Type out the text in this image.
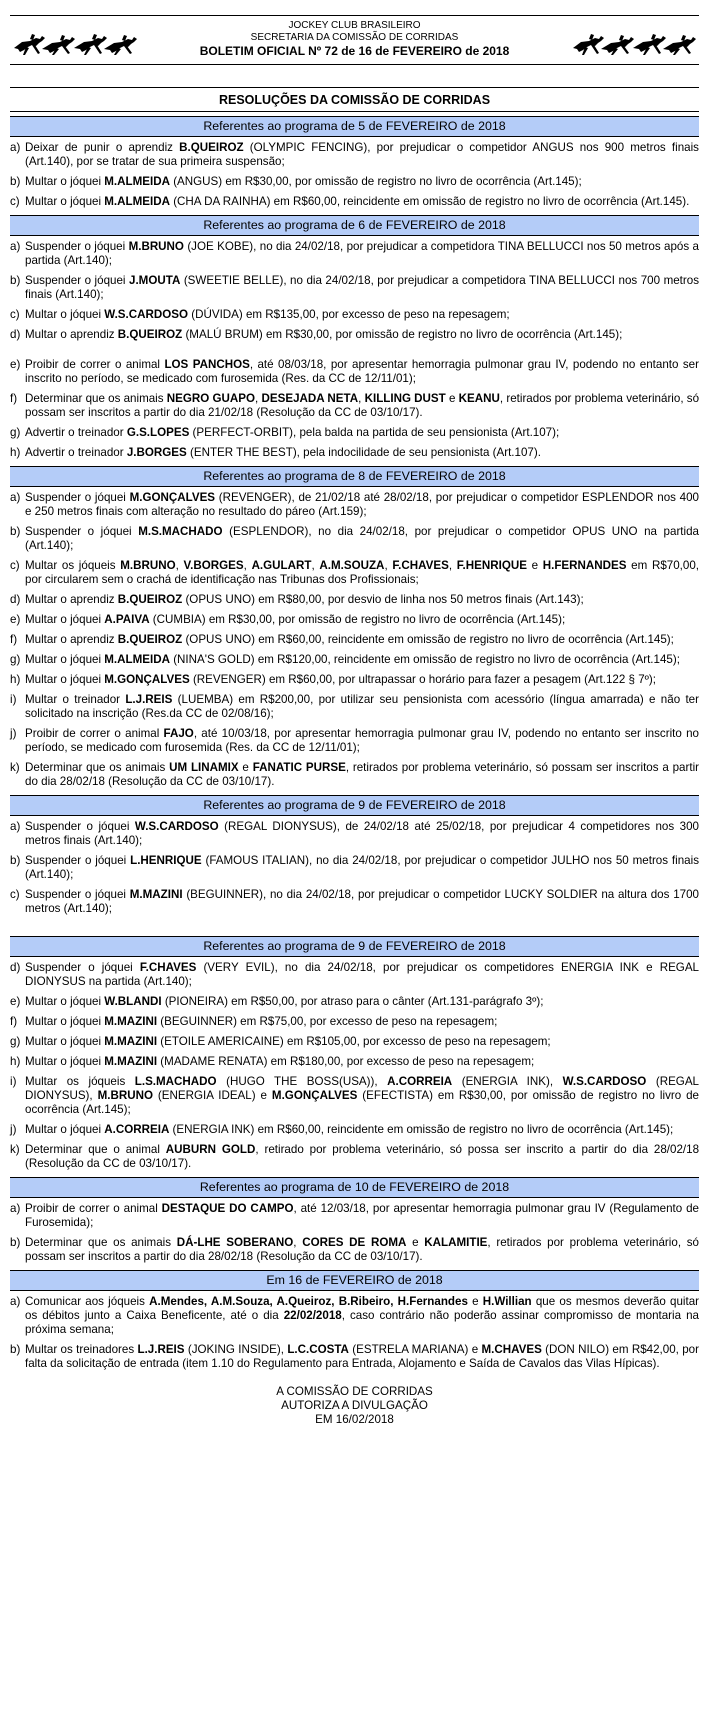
JOCKEY CLUB BRASILEIRO
SECRETARIA DA COMISSÃO DE CORRIDAS
BOLETIM OFICIAL Nº 72 de 16 de FEVEREIRO de 2018
RESOLUÇÕES DA COMISSÃO DE CORRIDAS
Referentes ao programa de 5 de FEVEREIRO de 2018
a) Deixar de punir o aprendiz B.QUEIROZ (OLYMPIC FENCING), por prejudicar o competidor ANGUS nos 900 metros finais (Art.140), por se tratar de sua primeira suspensão;
b) Multar o jóquei M.ALMEIDA (ANGUS) em R$30,00, por omissão de registro no livro de ocorrência (Art.145);
c) Multar o jóquei M.ALMEIDA (CHA DA RAINHA) em R$60,00, reincidente em omissão de registro no livro de ocorrência (Art.145).
Referentes ao programa de 6 de FEVEREIRO de 2018
a) Suspender o jóquei M.BRUNO (JOE KOBE), no dia 24/02/18, por prejudicar a competidora TINA BELLUCCI nos 50 metros após a partida (Art.140);
b) Suspender o jóquei J.MOUTA (SWEETIE BELLE), no dia 24/02/18, por prejudicar a competidora TINA BELLUCCI nos 700 metros finais (Art.140);
c) Multar o jóquei W.S.CARDOSO (DÚVIDA) em R$135,00, por excesso de peso na repesagem;
d) Multar o aprendiz B.QUEIROZ (MALÚ BRUM) em R$30,00, por omissão de registro no livro de ocorrência (Art.145);
e) Proibir de correr o animal LOS PANCHOS, até 08/03/18, por apresentar hemorragia pulmonar grau IV, podendo no entanto ser inscrito no período, se medicado com furosemida (Res. da CC de 12/11/01);
f) Determinar que os animais NEGRO GUAPO, DESEJADA NETA, KILLING DUST e KEANU, retirados por problema veterinário, só possam ser inscritos a partir do dia 21/02/18 (Resolução da CC de 03/10/17).
g) Advertir o treinador G.S.LOPES (PERFECT-ORBIT), pela balda na partida de seu pensionista (Art.107);
h) Advertir o treinador J.BORGES (ENTER THE BEST), pela indocilidade de seu pensionista (Art.107).
Referentes ao programa de 8 de FEVEREIRO de 2018
a) Suspender o jóquei M.GONÇALVES (REVENGER), de 21/02/18 até 28/02/18, por prejudicar o competidor ESPLENDOR nos 400 e 250 metros finais com alteração no resultado do páreo (Art.159);
b) Suspender o jóquei M.S.MACHADO (ESPLENDOR), no dia 24/02/18, por prejudicar o competidor OPUS UNO na partida (Art.140);
c) Multar os jóqueis M.BRUNO, V.BORGES, A.GULART, A.M.SOUZA, F.CHAVES, F.HENRIQUE e H.FERNANDES em R$70,00, por circularem sem o crachá de identificação nas Tribunas dos Profissionais;
d) Multar o aprendiz B.QUEIROZ (OPUS UNO) em R$80,00, por desvio de linha nos 50 metros finais (Art.143);
e) Multar o jóquei A.PAIVA (CUMBIA) em R$30,00, por omissão de registro no livro de ocorrência (Art.145);
f) Multar o aprendiz B.QUEIROZ (OPUS UNO) em R$60,00, reincidente em omissão de registro no livro de ocorrência (Art.145);
g) Multar o jóquei M.ALMEIDA (NINA'S GOLD) em R$120,00, reincidente em omissão de registro no livro de ocorrência (Art.145);
h) Multar o jóquei M.GONÇALVES (REVENGER) em R$60,00, por ultrapassar o horário para fazer a pesagem (Art.122 § 7º);
i) Multar o treinador L.J.REIS (LUEMBA) em R$200,00, por utilizar seu pensionista com acessório (língua amarrada) e não ter solicitado na inscrição (Res.da CC de 02/08/16);
j) Proibir de correr o animal FAJO, até 10/03/18, por apresentar hemorragia pulmonar grau IV, podendo no entanto ser inscrito no período, se medicado com furosemida (Res. da CC de 12/11/01);
k) Determinar que os animais UM LINAMIX e FANATIC PURSE, retirados por problema veterinário, só possam ser inscritos a partir do dia 28/02/18 (Resolução da CC de 03/10/17).
Referentes ao programa de 9 de FEVEREIRO de 2018
a) Suspender o jóquei W.S.CARDOSO (REGAL DIONYSUS), de 24/02/18 até 25/02/18, por prejudicar 4 competidores nos 300 metros finais (Art.140);
b) Suspender o jóquei L.HENRIQUE (FAMOUS ITALIAN), no dia 24/02/18, por prejudicar o competidor JULHO nos 50 metros finais (Art.140);
c) Suspender o jóquei M.MAZINI (BEGUINNER), no dia 24/02/18, por prejudicar o competidor LUCKY SOLDIER na altura dos 1700 metros (Art.140);
Referentes ao programa de 9 de FEVEREIRO de 2018
d) Suspender o jóquei F.CHAVES (VERY EVIL), no dia 24/02/18, por prejudicar os competidores ENERGIA INK e REGAL DIONYSUS na partida (Art.140);
e) Multar o jóquei W.BLANDI (PIONEIRA) em R$50,00, por atraso para o cânter (Art.131-parágrafo 3º);
f) Multar o jóquei M.MAZINI (BEGUINNER) em R$75,00, por excesso de peso na repesagem;
g) Multar o jóquei M.MAZINI (ETOILE AMERICAINE) em R$105,00, por excesso de peso na repesagem;
h) Multar o jóquei M.MAZINI (MADAME RENATA) em R$180,00, por excesso de peso na repesagem;
i) Multar os jóqueis L.S.MACHADO (HUGO THE BOSS(USA)), A.CORREIA (ENERGIA INK), W.S.CARDOSO (REGAL DIONYSUS), M.BRUNO (ENERGIA IDEAL) e M.GONÇALVES (EFECTISTA) em R$30,00, por omissão de registro no livro de ocorrência (Art.145);
j) Multar o jóquei A.CORREIA (ENERGIA INK) em R$60,00, reincidente em omissão de registro no livro de ocorrência (Art.145);
k) Determinar que o animal AUBURN GOLD, retirado por problema veterinário, só possa ser inscrito a partir do dia 28/02/18 (Resolução da CC de 03/10/17).
Referentes ao programa de 10 de FEVEREIRO de 2018
a) Proibir de correr o animal DESTAQUE DO CAMPO, até 12/03/18, por apresentar hemorragia pulmonar grau IV (Regulamento de Furosemida);
b) Determinar que os animais DÁ-LHE SOBERANO, CORES DE ROMA e KALAMITIE, retirados por problema veterinário, só possam ser inscritos a partir do dia 28/02/18 (Resolução da CC de 03/10/17).
Em 16 de FEVEREIRO de 2018
a) Comunicar aos jóqueis A.Mendes, A.M.Souza, A.Queiroz, B.Ribeiro, H.Fernandes e H.Willian que os mesmos deverão quitar os débitos junto a Caixa Beneficente, até o dia 22/02/2018, caso contrário não poderão assinar compromisso de montaria na próxima semana;
b) Multar os treinadores L.J.REIS (JOKING INSIDE), L.C.COSTA (ESTRELA MARIANA) e M.CHAVES (DON NILO) em R$42,00, por falta da solicitação de entrada (item 1.10 do Regulamento para Entrada, Alojamento e Saída de Cavalos das Vilas Hípicas).
A COMISSÃO DE CORRIDAS
AUTORIZA A DIVULGAÇÃO
EM 16/02/2018
